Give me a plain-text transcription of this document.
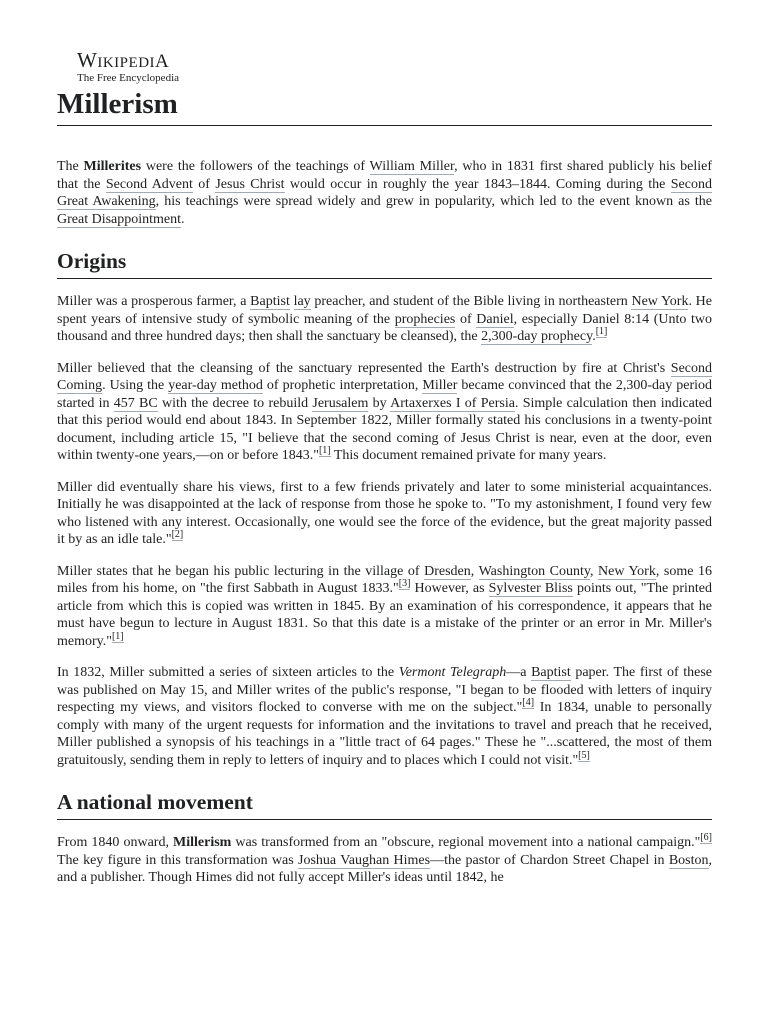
WIKIPEDIA
The Free Encyclopedia
Millerism

The Millerites were the followers of the teachings of William Miller, who in 1831 first shared publicly his belief that the Second Advent of Jesus Christ would occur in roughly the year 1843–1844. Coming during the Second Great Awakening, his teachings were spread widely and grew in popularity, which led to the event known as the Great Disappointment.

Origins

Miller was a prosperous farmer, a Baptist lay preacher, and student of the Bible living in northeastern New York. He spent years of intensive study of symbolic meaning of the prophecies of Daniel, especially Daniel 8:14 (Unto two thousand and three hundred days; then shall the sanctuary be cleansed), the 2,300-day prophecy.[1]

Miller believed that the cleansing of the sanctuary represented the Earth's destruction by fire at Christ's Second Coming. Using the year-day method of prophetic interpretation, Miller became convinced that the 2,300-day period started in 457 BC with the decree to rebuild Jerusalem by Artaxerxes I of Persia. Simple calculation then indicated that this period would end about 1843. In September 1822, Miller formally stated his conclusions in a twenty-point document, including article 15, "I believe that the second coming of Jesus Christ is near, even at the door, even within twenty-one years,—on or before 1843."[1] This document remained private for many years.

Miller did eventually share his views, first to a few friends privately and later to some ministerial acquaintances. Initially he was disappointed at the lack of response from those he spoke to. "To my astonishment, I found very few who listened with any interest. Occasionally, one would see the force of the evidence, but the great majority passed it by as an idle tale."[2]

Miller states that he began his public lecturing in the village of Dresden, Washington County, New York, some 16 miles from his home, on "the first Sabbath in August 1833."[3] However, as Sylvester Bliss points out, "The printed article from which this is copied was written in 1845. By an examination of his correspondence, it appears that he must have begun to lecture in August 1831. So that this date is a mistake of the printer or an error in Mr. Miller's memory."[1]

In 1832, Miller submitted a series of sixteen articles to the Vermont Telegraph—a Baptist paper. The first of these was published on May 15, and Miller writes of the public's response, "I began to be flooded with letters of inquiry respecting my views, and visitors flocked to converse with me on the subject."[4] In 1834, unable to personally comply with many of the urgent requests for information and the invitations to travel and preach that he received, Miller published a synopsis of his teachings in a "little tract of 64 pages." These he "...scattered, the most of them gratuitously, sending them in reply to letters of inquiry and to places which I could not visit."[5]

A national movement

From 1840 onward, Millerism was transformed from an "obscure, regional movement into a national campaign."[6] The key figure in this transformation was Joshua Vaughan Himes—the pastor of Chardon Street Chapel in Boston, and a publisher. Though Himes did not fully accept Miller's ideas until 1842, he
